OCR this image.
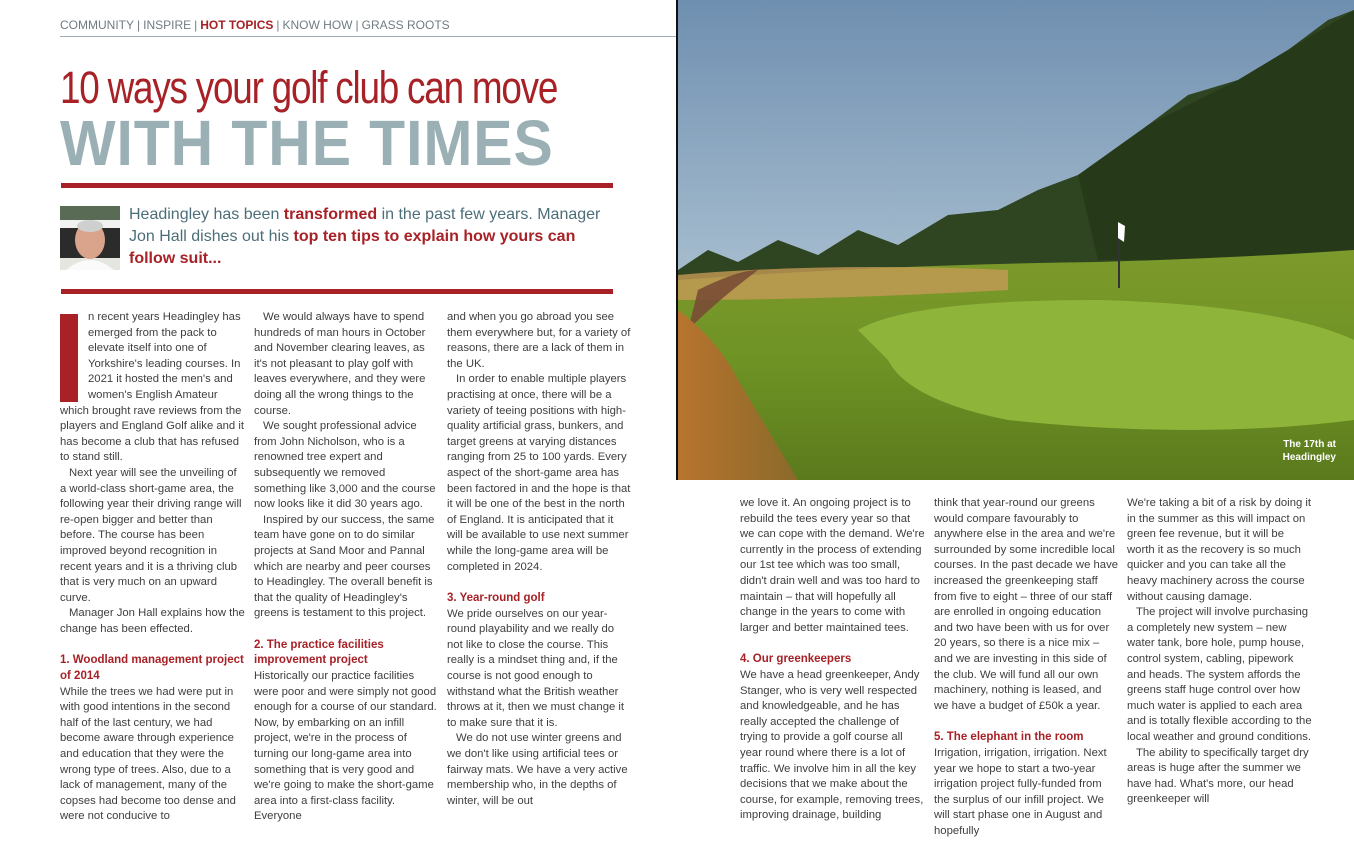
COMMUNITY | INSPIRE | HOT TOPICS | KNOW HOW | GRASS ROOTS
10 ways your golf club can move
WITH THE TIMES
Headingley has been transformed in the past few years. Manager Jon Hall dishes out his top ten tips to explain how yours can follow suit...

n recent years Headingley has emerged from the pack to elevate itself into one of Yorkshire's leading courses. In 2021 it hosted the men's and women's English Amateur which brought rave reviews from the players and England Golf alike and it has become a club that has refused to stand still.

Next year will see the unveiling of a world-class short-game area, the following year their driving range will re-open bigger and better than before. The course has been improved beyond recognition in recent years and it is a thriving club that is very much on an upward curve.

Manager Jon Hall explains how the change has been effected.

1. Woodland management project of 2014

While the trees we had were put in with good intentions in the second half of the last century, we had become aware through experience and education that they were the wrong type of trees. Also, due to a lack of management, many of the copses had become too dense and were not conducive to

We would always have to spend hundreds of man hours in October and November clearing leaves, as it's not pleasant to play golf with leaves everywhere, and they were doing all the wrong things to the course.

We sought professional advice from John Nicholson, who is a renowned tree expert and subsequently we removed something like 3,000 and the course now looks like it did 30 years ago.

Inspired by our success, the same team have gone on to do similar projects at Sand Moor and Pannal which are nearby and peer courses to Headingley. The overall benefit is that the quality of Headingley's greens is testament to this project.

2. The practice facilities improvement project

Historically our practice facilities were poor and were simply not good enough for a course of our standard. Now, by embarking on an infill project, we're in the process of turning our long-game area into something that is very good and we're going to make the short-game area into a first-class facility. Everyone

and when you go abroad you see them everywhere but, for a variety of reasons, there are a lack of them in the UK.

In order to enable multiple players practising at once, there will be a variety of teeing positions with high-quality artificial grass, bunkers, and target greens at varying distances ranging from 25 to 100 yards. Every aspect of the short-game area has been factored in and the hope is that it will be one of the best in the north of England. It is anticipated that it will be available to use next summer while the long-game area will be completed in 2024.

3. Year-round golf

We pride ourselves on our year-round playability and we really do not like to close the course. This really is a mindset thing and, if the course is not good enough to withstand what the British weather throws at it, then we must change it to make sure that it is.

We do not use winter greens and we don't like using artificial tees or fairway mats. We have a very active membership who, in the depths of winter, will be out

The 17th at
Headingley

we love it. An ongoing project is to rebuild the tees every year so that we can cope with the demand. We're currently in the process of extending our 1st tee which was too small, didn't drain well and was too hard to maintain – that will hopefully all change in the years to come with larger and better maintained tees.

4. Our greenkeepers

We have a head greenkeeper, Andy Stanger, who is very well respected and knowledgeable, and he has really accepted the challenge of trying to provide a golf course all year round where there is a lot of traffic. We involve him in all the key decisions that we make about the course, for example, removing trees, improving drainage, building

think that year-round our greens would compare favourably to anywhere else in the area and we're surrounded by some incredible local courses. In the past decade we have increased the greenkeeping staff from five to eight – three of our staff are enrolled in ongoing education and two have been with us for over 20 years, so there is a nice mix – and we are investing in this side of the club. We will fund all our own machinery, nothing is leased, and we have a budget of £50k a year.

5. The elephant in the room

Irrigation, irrigation, irrigation. Next year we hope to start a two-year irrigation project fully-funded from the surplus of our infill project. We will start phase one in August and hopefully

We're taking a bit of a risk by doing it in the summer as this will impact on green fee revenue, but it will be worth it as the recovery is so much quicker and you can take all the heavy machinery across the course without causing damage.

The project will involve purchasing a completely new system – new water tank, bore hole, pump house, control system, cabling, pipework and heads. The system affords the greens staff huge control over how much water is applied to each area and is totally flexible according to the local weather and ground conditions.

The ability to specifically target dry areas is huge after the summer we have had. What's more, our head greenkeeper will
